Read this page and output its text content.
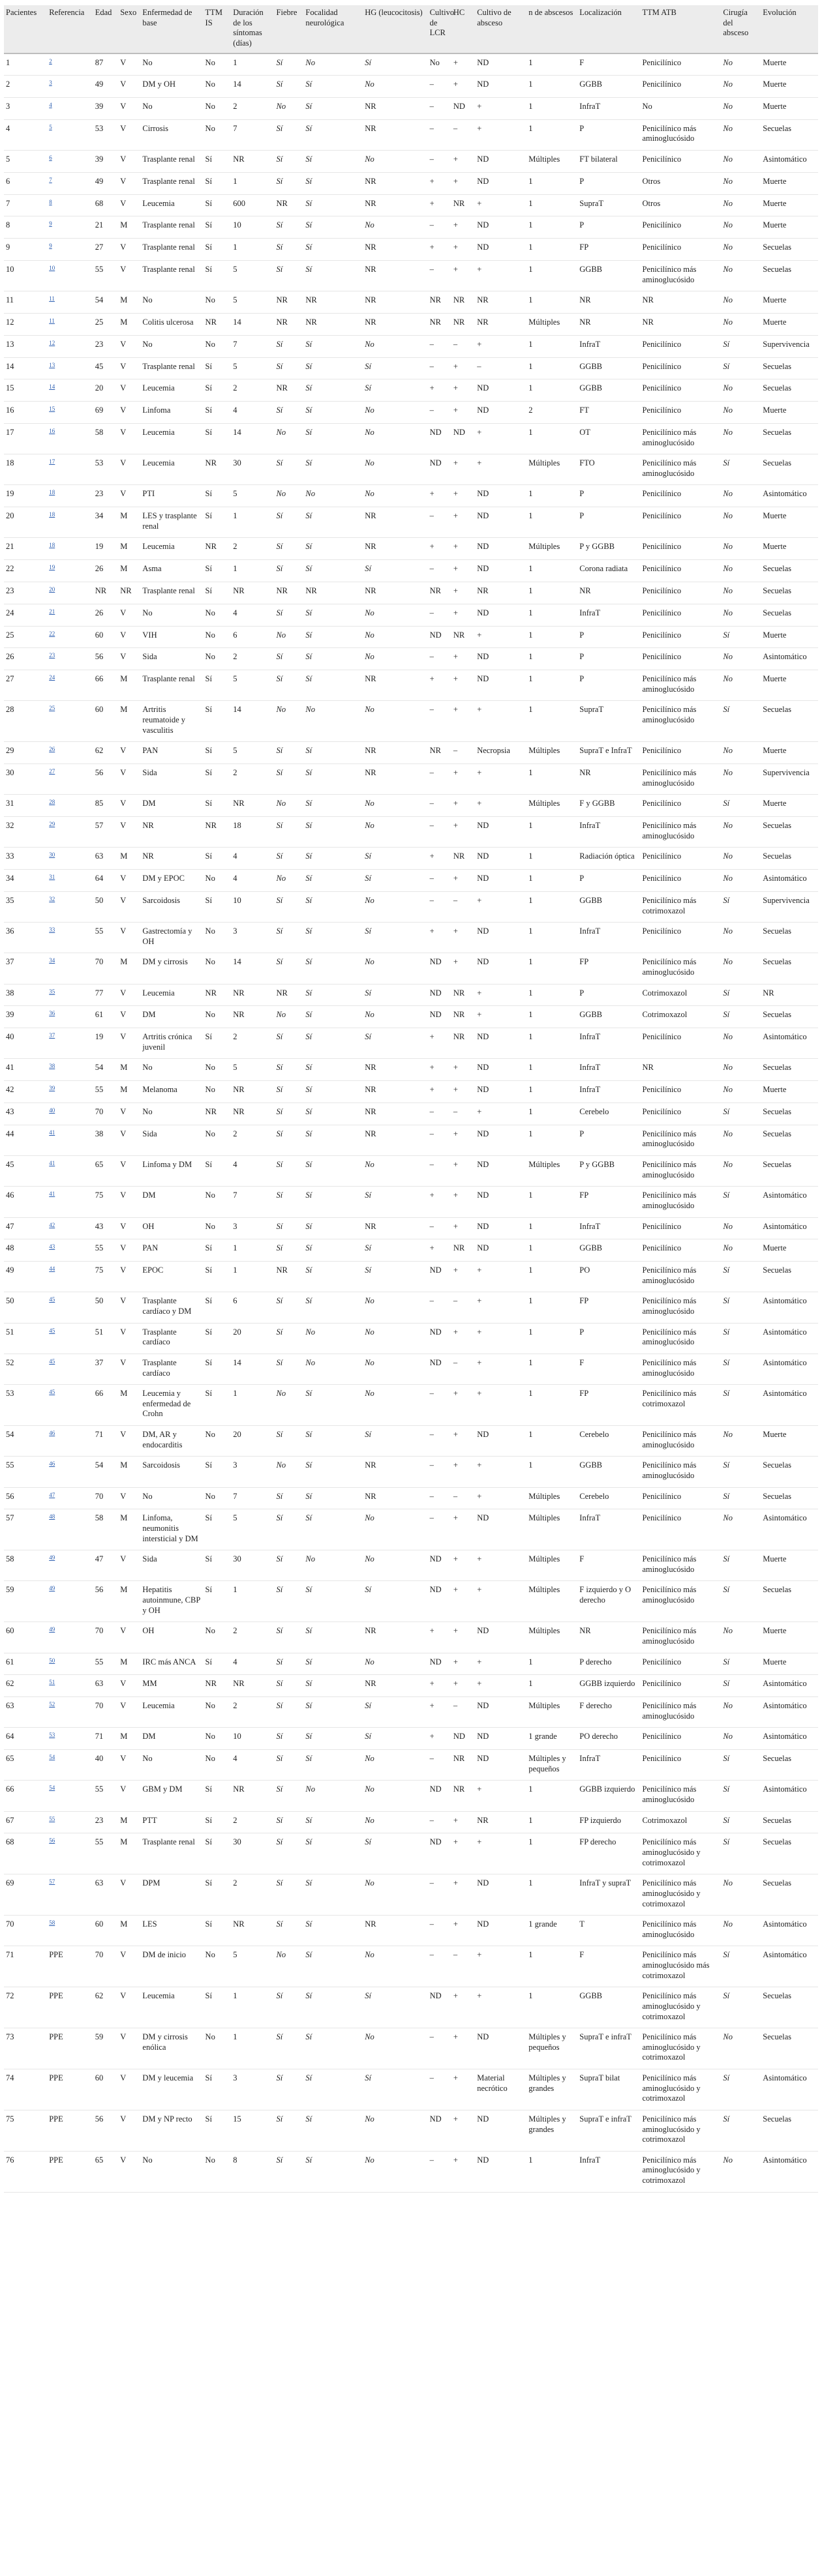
Pacientes	Referencia	Edad	Sexo	Enfermedad de base	TTM IS	Duración de los síntomas (días)	Fiebre	Focalidad neurológica	HG (leucocitosis)	Cultivo de LCR	HC	Cultivo de absceso	n de abscesos	Localización	TTM ATB	Cirugía del absceso	Evolución
1	$^2$	87	V	No	No	1	Sí	No	Sí	No	+	ND	1	F	Penicilínico	No	Muerte
2	$^3$	49	V	DM y OH	No	14	Sí	Sí	No	–	+	ND	1	GGBB	Penicilínico	No	Muerte
3	$^4$	39	V	No	No	2	No	Sí	NR	–	ND	+	1	InfraT	No	No	Muerte
4	$^5$	53	V	Cirrosis	No	7	Sí	Sí	NR	–	–	+	1	P	Penicilínico más aminoglucósido	No	Secuelas
5	$^6$	39	V	Trasplante renal	Sí	NR	Sí	Sí	No	–	+	ND	Múltiples	FT bilateral	Penicilínico	No	Asintomático
6	$^7$	49	V	Trasplante renal	Sí	1	Sí	Sí	NR	+	+	ND	1	P	Otros	No	Muerte
7	$^8$	68	V	Leucemia	Sí	600	NR	Sí	NR	+	NR	+	1	SupraT	Otros	No	Muerte
8	$^9$	21	M	Trasplante renal	Sí	10	Sí	Sí	No	–	+	ND	1	P	Penicilínico	No	Muerte
9	$^9$	27	V	Trasplante renal	Sí	1	Sí	Sí	NR	+	+	ND	1	FP	Penicilínico	No	Secuelas
10	$^{10}$	55	V	Trasplante renal	Sí	5	Sí	Sí	NR	–	+	+	1	GGBB	Penicilínico más aminoglucósido	No	Secuelas
11	$^{11}$	54	M	No	No	5	NR	NR	NR	NR	NR	NR	1	NR	NR	No	Muerte
12	$^{11}$	25	M	Colitis ulcerosa	NR	14	NR	NR	NR	NR	NR	NR	Múltiples	NR	NR	No	Muerte
13	$^{12}$	23	V	No	No	7	Sí	Sí	No	–	–	+	1	InfraT	Penicilínico	Sí	Supervivencia
14	$^{13}$	45	V	Trasplante renal	Sí	5	Sí	Sí	Sí	–	+	–	1	GGBB	Penicilínico	Sí	Secuelas
15	$^{14}$	20	V	Leucemia	Sí	2	NR	Sí	Sí	+	+	ND	1	GGBB	Penicilínico	No	Secuelas
16	$^{15}$	69	V	Linfoma	Sí	4	Sí	Sí	No	–	+	ND	2	FT	Penicilínico	No	Muerte
17	$^{16}$	58	V	Leucemia	Sí	14	No	Sí	No	ND	ND	+	1	OT	Penicilínico más aminoglucósido	No	Secuelas
18	$^{17}$	53	V	Leucemia	NR	30	Sí	Sí	No	ND	+	+	Múltiples	FTO	Penicilínico más aminoglucósido	Sí	Secuelas
19	$^{18}$	23	V	PTI	Sí	5	No	No	No	+	+	ND	1	P	Penicilínico	No	Asintomático
20	$^{18}$	34	M	LES y trasplante renal	Sí	1	Sí	Sí	NR	–	+	ND	1	P	Penicilínico	No	Muerte
21	$^{18}$	19	M	Leucemia	NR	2	Sí	Sí	NR	+	+	ND	Múltiples	P y GGBB	Penicilínico	No	Muerte
22	$^{19}$	26	M	Asma	Sí	1	Sí	Sí	Sí	–	+	ND	1	Corona radiata	Penicilínico	No	Secuelas
23	$^{20}$	NR	NR	Trasplante renal	Sí	NR	NR	NR	NR	NR	+	NR	1	NR	Penicilínico	No	Secuelas
24	$^{21}$	26	V	No	No	4	Sí	Sí	No	–	+	ND	1	InfraT	Penicilínico	No	Secuelas
25	$^{22}$	60	V	VIH	No	6	No	Sí	No	ND	NR	+	1	P	Penicilínico	Sí	Muerte
26	$^{23}$	56	V	Sida	No	2	Sí	Sí	No	–	+	ND	1	P	Penicilínico	No	Asintomático
27	$^{24}$	66	M	Trasplante renal	Sí	5	Sí	Sí	NR	+	+	ND	1	P	Penicilínico más aminoglucósido	No	Muerte
28	$^{25}$	60	M	Artritis reumatoide y vasculitis	Sí	14	No	No	No	–	+	+	1	SupraT	Penicilínico más aminoglucósido	Sí	Secuelas
29	$^{26}$	62	V	PAN	Sí	5	Sí	Sí	NR	NR	–	Necropsia	Múltiples	SupraT e InfraT	Penicilínico	No	Muerte
30	$^{27}$	56	V	Sida	Sí	2	Sí	Sí	NR	–	+	+	1	NR	Penicilínico más aminoglucósido	No	Supervivencia
31	$^{28}$	85	V	DM	Sí	NR	No	Sí	No	–	+	+	Múltiples	F y GGBB	Penicilínico	Sí	Muerte
32	$^{29}$	57	V	NR	NR	18	Sí	Sí	No	–	+	ND	1	InfraT	Penicilínico más aminoglucósido	No	Secuelas
33	$^{30}$	63	M	NR	Sí	4	Sí	Sí	Sí	+	NR	ND	1	Radiación óptica	Penicilínico	No	Secuelas
34	$^{31}$	64	V	DM y EPOC	No	4	No	Sí	Sí	–	+	ND	1	P	Penicilínico	No	Asintomático
35	$^{32}$	50	V	Sarcoidosis	Sí	10	Sí	Sí	No	–	–	+	1	GGBB	Penicilínico más cotrimoxazol	Sí	Supervivencia
36	$^{33}$	55	V	Gastrectomía y OH	No	3	Sí	Sí	Sí	+	+	ND	1	InfraT	Penicilínico	No	Secuelas
37	$^{34}$	70	M	DM y cirrosis	No	14	Sí	Sí	No	ND	+	ND	1	FP	Penicilínico más aminoglucósido	No	Secuelas
38	$^{35}$	77	V	Leucemia	NR	NR	NR	Sí	Sí	ND	NR	+	1	P	Cotrimoxazol	Sí	NR
39	$^{36}$	61	V	DM	No	NR	No	Sí	No	ND	NR	+	1	GGBB	Cotrimoxazol	Sí	Secuelas
40	$^{37}$	19	V	Artritis crónica juvenil	Sí	2	Sí	Sí	Sí	+	NR	ND	1	InfraT	Penicilínico	No	Asintomático
41	$^{38}$	54	M	No	No	5	Sí	Sí	NR	+	+	ND	1	InfraT	NR	No	Secuelas
42	$^{39}$	55	M	Melanoma	No	NR	Sí	Sí	NR	+	+	ND	1	InfraT	Penicilínico	No	Muerte
43	$^{40}$	70	V	No	NR	NR	Sí	Sí	NR	–	–	+	1	Cerebelo	Penicilínico	Sí	Secuelas
44	$^{41}$	38	V	Sida	No	2	Sí	Sí	NR	–	+	ND	1	P	Penicilínico más aminoglucósido	No	Secuelas
45	$^{41}$	65	V	Linfoma y DM	Sí	4	Sí	Sí	No	–	+	ND	Múltiples	P y GGBB	Penicilínico más aminoglucósido	No	Secuelas
46	$^{41}$	75	V	DM	No	7	Sí	Sí	Sí	+	+	ND	1	FP	Penicilínico más aminoglucósido	Sí	Asintomático
47	$^{42}$	43	V	OH	No	3	Sí	Sí	NR	–	+	ND	1	InfraT	Penicilínico	No	Asintomático
48	$^{43}$	55	V	PAN	Sí	1	Sí	Sí	Sí	+	NR	ND	1	GGBB	Penicilínico	No	Muerte
49	$^{44}$	75	V	EPOC	Sí	1	NR	Sí	Sí	ND	+	+	1	PO	Penicilínico más aminoglucósido	Sí	Secuelas
50	$^{45}$	50	V	Trasplante cardíaco y DM	Sí	6	Sí	Sí	No	–	–	+	1	FP	Penicilínico más aminoglucósido	Sí	Asintomático
51	$^{45}$	51	V	Trasplante cardíaco	Sí	20	Sí	No	No	ND	+	+	1	P	Penicilínico más aminoglucósido	Sí	Asintomático
52	$^{45}$	37	V	Trasplante cardíaco	Sí	14	Sí	No	No	ND	–	+	1	F	Penicilínico más aminoglucósido	Sí	Asintomático
53	$^{45}$	66	M	Leucemia y enfermedad de Crohn	Sí	1	No	Sí	No	–	+	+	1	FP	Penicilínico más cotrimoxazol	Sí	Asintomático
54	$^{46}$	71	V	DM, AR y endocarditis	No	20	Sí	Sí	Sí	–	+	ND	1	Cerebelo	Penicilínico más aminoglucósido	No	Muerte
55	$^{46}$	54	M	Sarcoidosis	Sí	3	No	Sí	NR	–	+	+	1	GGBB	Penicilínico más aminoglucósido	Sí	Secuelas
56	$^{47}$	70	V	No	No	7	Sí	Sí	NR	–	–	+	Múltiples	Cerebelo	Penicilínico	Sí	Secuelas
57	$^{48}$	58	M	Linfoma, neumonitis intersticial y DM	Sí	5	Sí	Sí	No	–	+	ND	Múltiples	InfraT	Penicilínico	No	Asintomático
58	$^{49}$	47	V	Sida	Sí	30	Sí	No	No	ND	+	+	Múltiples	F	Penicilínico más aminoglucósido	Sí	Muerte
59	$^{49}$	56	M	Hepatitis autoinmune, CBP y OH	Sí	1	Sí	Sí	Sí	ND	+	+	Múltiples	F izquierdo y O derecho	Penicilínico más aminoglucósido	Sí	Secuelas
60	$^{49}$	70	V	OH	No	2	Sí	Sí	NR	+	+	ND	Múltiples	NR	Penicilínico más aminoglucósido	No	Muerte
61	$^{50}$	55	M	IRC más ANCA	Sí	4	Sí	Sí	No	ND	+	+	1	P derecho	Penicilínico	Sí	Muerte
62	$^{51}$	63	V	MM	NR	NR	Sí	Sí	NR	+	+	+	1	GGBB izquierdo	Penicilínico	Sí	Asintomático
63	$^{52}$	70	V	Leucemia	No	2	Sí	Sí	Sí	+	–	ND	Múltiples	F derecho	Penicilínico más aminoglucósido	No	Asintomático
64	$^{53}$	71	M	DM	No	10	Sí	Sí	Sí	+	ND	ND	1 grande	PO derecho	Penicilínico	No	Asintomático
65	$^{54}$	40	V	No	No	4	Sí	Sí	No	–	NR	ND	Múltiples y pequeños	InfraT	Penicilínico	Sí	Secuelas
66	$^{54}$	55	V	GBM y DM	Sí	NR	Sí	No	No	ND	NR	+	1	GGBB izquierdo	Penicilínico más aminoglucósido	Sí	Asintomático
67	$^{55}$	23	M	PTT	Sí	2	Sí	Sí	No	–	+	NR	1	FP izquierdo	Cotrimoxazol	Sí	Secuelas
68	$^{56}$	55	M	Trasplante renal	Sí	30	Sí	Sí	Sí	ND	+	+	1	FP derecho	Penicilínico más aminoglucósido y cotrimoxazol	Sí	Secuelas
69	$^{57}$	63	V	DPM	Sí	2	Sí	Sí	No	–	+	ND	1	InfraT y supraT	Penicilínico más aminoglucósido y cotrimoxazol	No	Secuelas
70	$^{58}$	60	M	LES	Sí	NR	Sí	Sí	NR	–	+	ND	1 grande	T	Penicilínico más aminoglucósido	No	Asintomático
71	PPE	70	V	DM de inicio	No	5	No	Sí	No	–	–	+	1	F	Penicilínico más aminoglucósido más cotrimoxazol	Sí	Asintomático
72	PPE	62	V	Leucemia	Sí	1	Sí	Sí	Sí	ND	+	+	1	GGBB	Penicilínico más aminoglucósido y cotrimoxazol	Sí	Secuelas
73	PPE	59	V	DM y cirrosis enólica	No	1	Sí	Sí	No	–	+	ND	Múltiples y pequeños	SupraT e infraT	Penicilínico más aminoglucósido y cotrimoxazol	No	Secuelas
74	PPE	60	V	DM y leucemia	Sí	3	Sí	Sí	Sí	–	+	Material necrótico	Múltiples y grandes	SupraT bilat	Penicilínico más aminoglucósido y cotrimoxazol	Sí	Asintomático
75	PPE	56	V	DM y NP recto	Sí	15	Sí	Sí	No	ND	+	ND	Múltiples y grandes	SupraT e infraT	Penicilínico más aminoglucósido y cotrimoxazol	Sí	Secuelas
76	PPE	65	V	No	No	8	Sí	Sí	No	–	+	ND	1	InfraT	Penicilínico más aminoglucósido y cotrimoxazol	No	Asintomático
